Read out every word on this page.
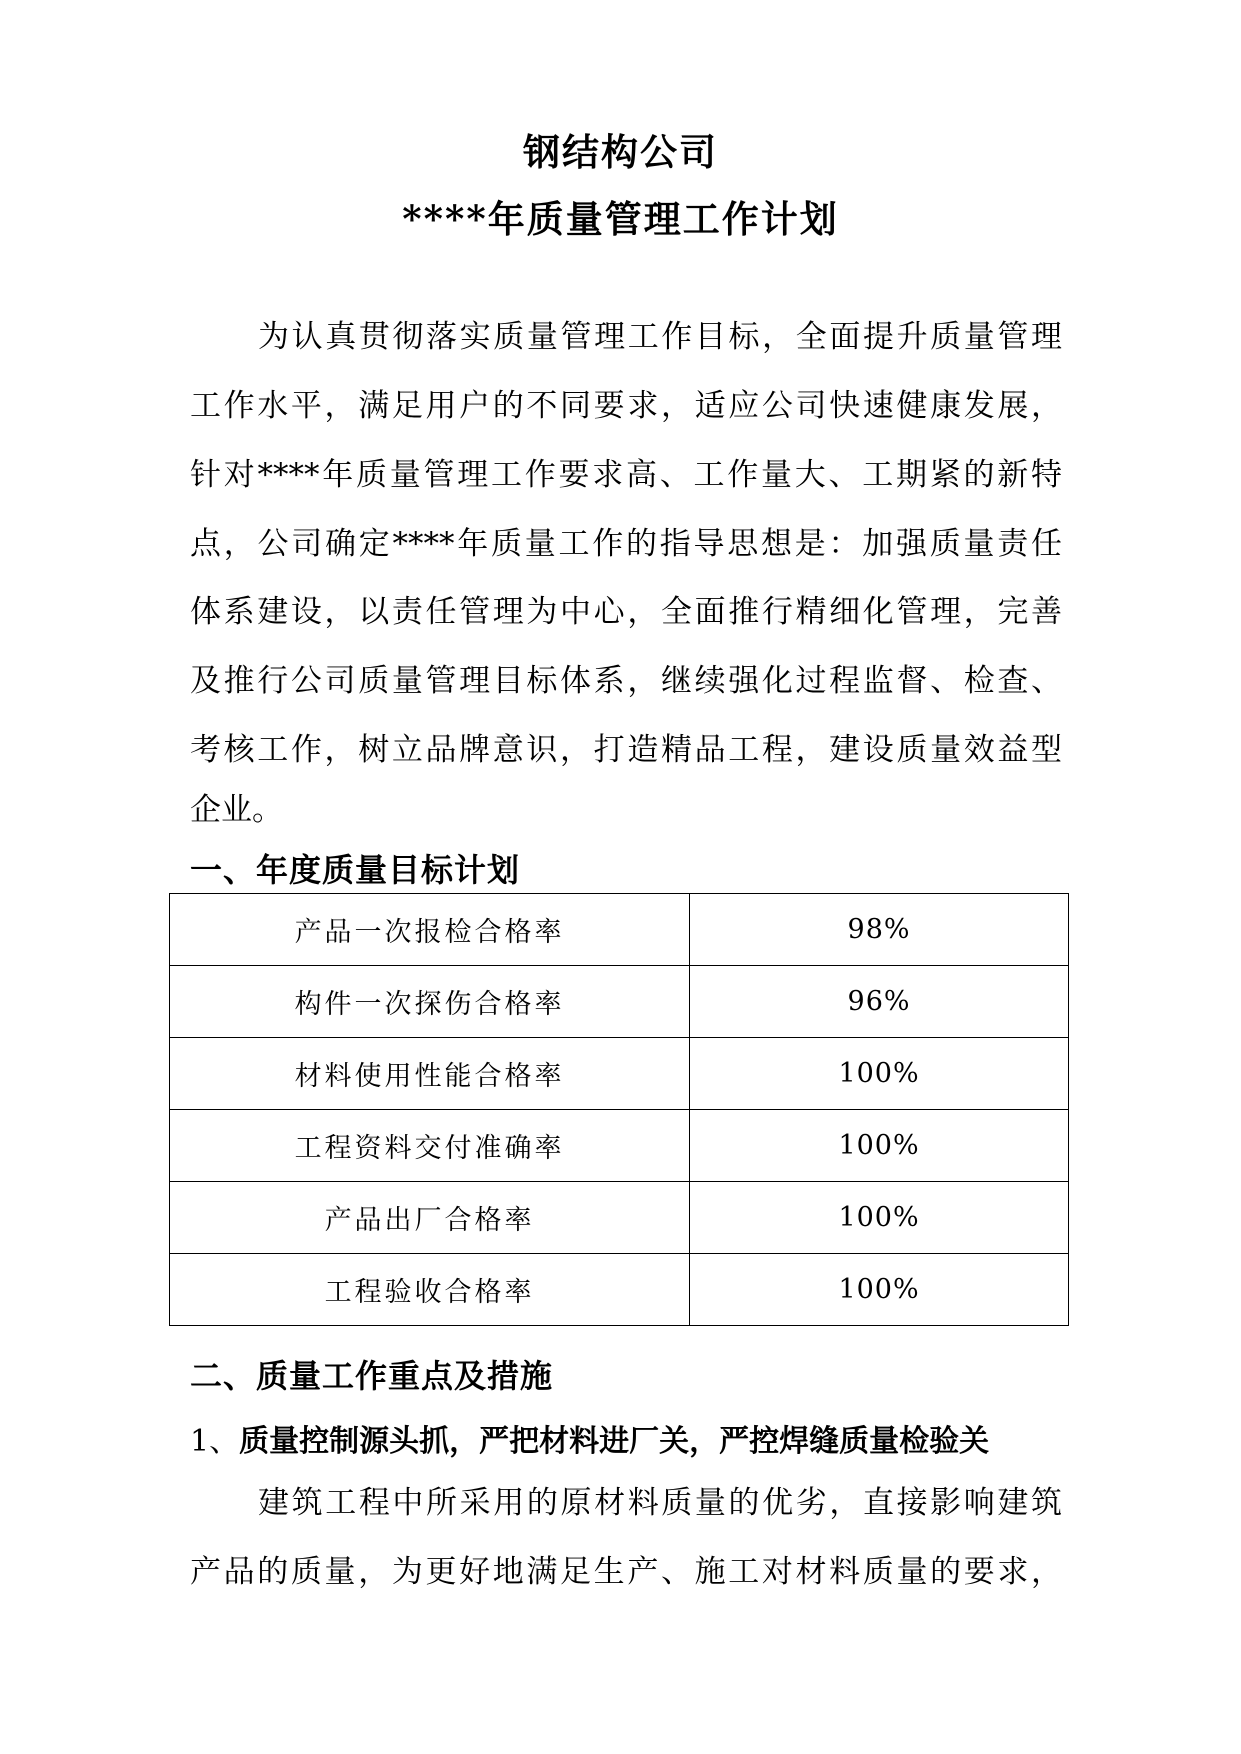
钢结构公司
****年质量管理工作计划
为认真贯彻落实质量管理工作目标，全面提升质量管理
工作水平，满足用户的不同要求，适应公司快速健康发展，
针对****年质量管理工作要求高、工作量大、工期紧的新特
点，公司确定****年质量工作的指导思想是：加强质量责任
体系建设，以责任管理为中心，全面推行精细化管理，完善
及推行公司质量管理目标体系，继续强化过程监督、检查、
考核工作，树立品牌意识，打造精品工程，建设质量效益型
企业。
一、年度质量目标计划
产品一次报检合格率	98%
构件一次探伤合格率	96%
材料使用性能合格率	100%
工程资料交付准确率	100%
产品出厂合格率	100%
工程验收合格率	100%
二、质量工作重点及措施
1、质量控制源头抓，严把材料进厂关，严控焊缝质量检验关
建筑工程中所采用的原材料质量的优劣，直接影响建筑
产品的质量，为更好地满足生产、施工对材料质量的要求，
